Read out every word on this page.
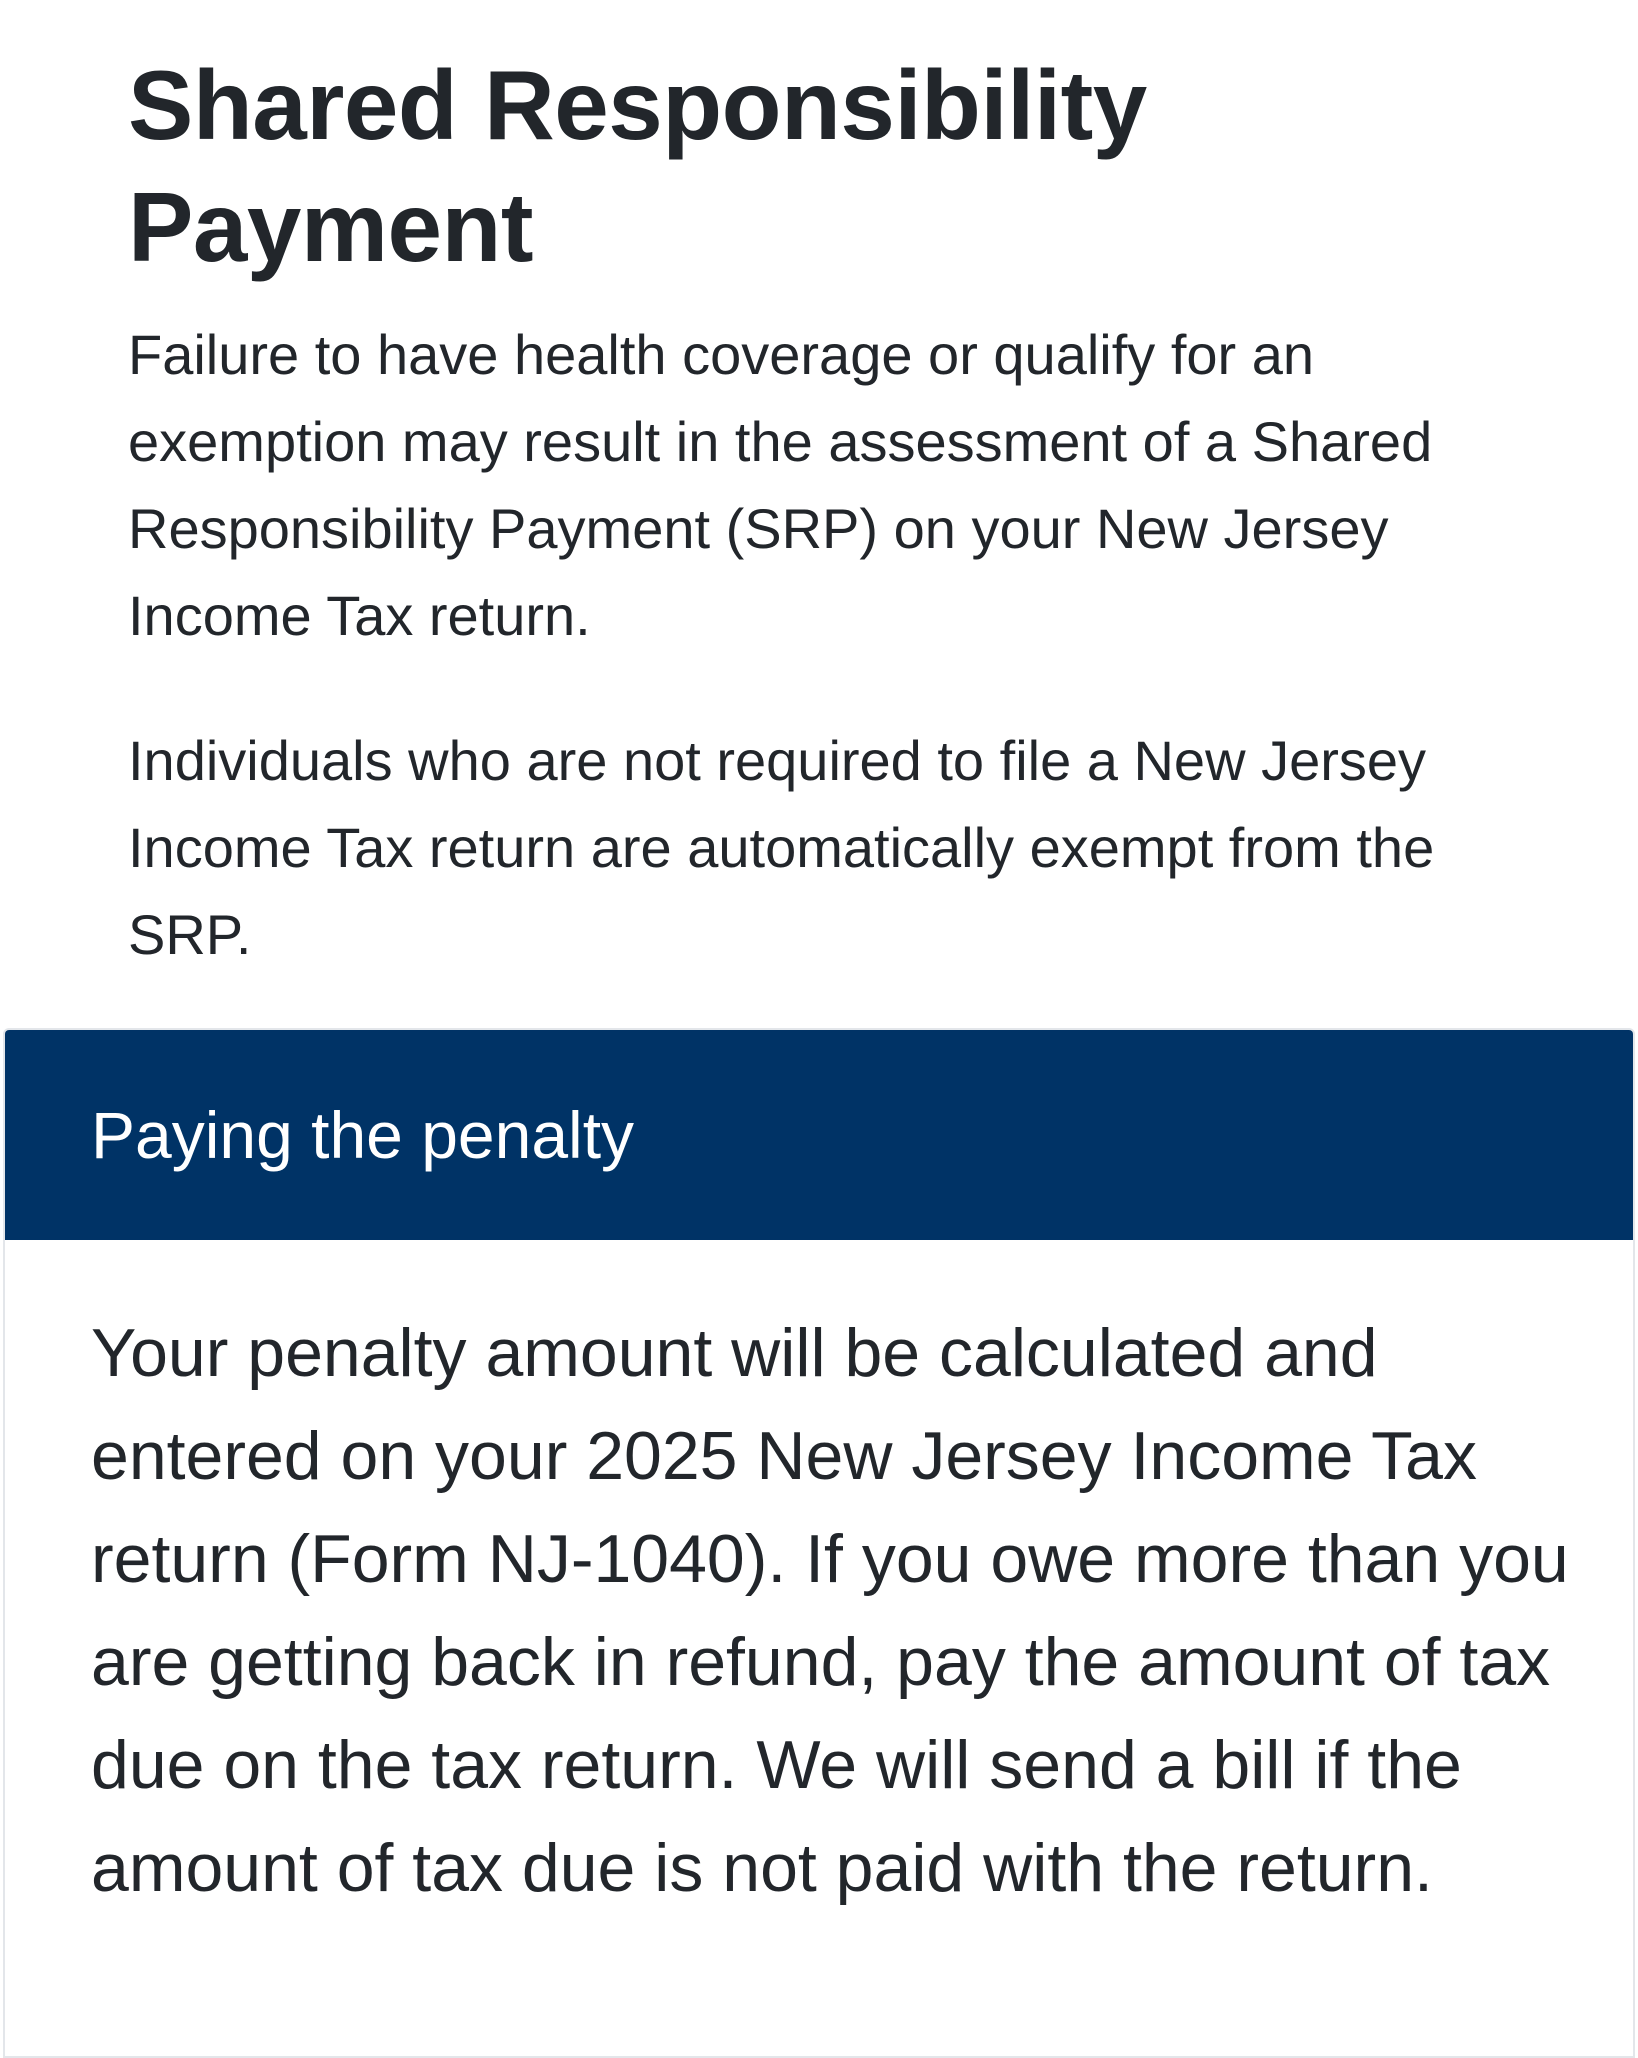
Shared Responsibility Payment

Failure to have health coverage or qualify for an exemption may result in the assessment of a Shared Responsibility Payment (SRP) on your New Jersey Income Tax return.

Individuals who are not required to file a New Jersey Income Tax return are automatically exempt from the SRP.

Paying the penalty

Your penalty amount will be calculated and entered on your 2025 New Jersey Income Tax return (Form NJ-1040). If you owe more than you are getting back in refund, pay the amount of tax due on the tax return. We will send a bill if the amount of tax due is not paid with the return.
